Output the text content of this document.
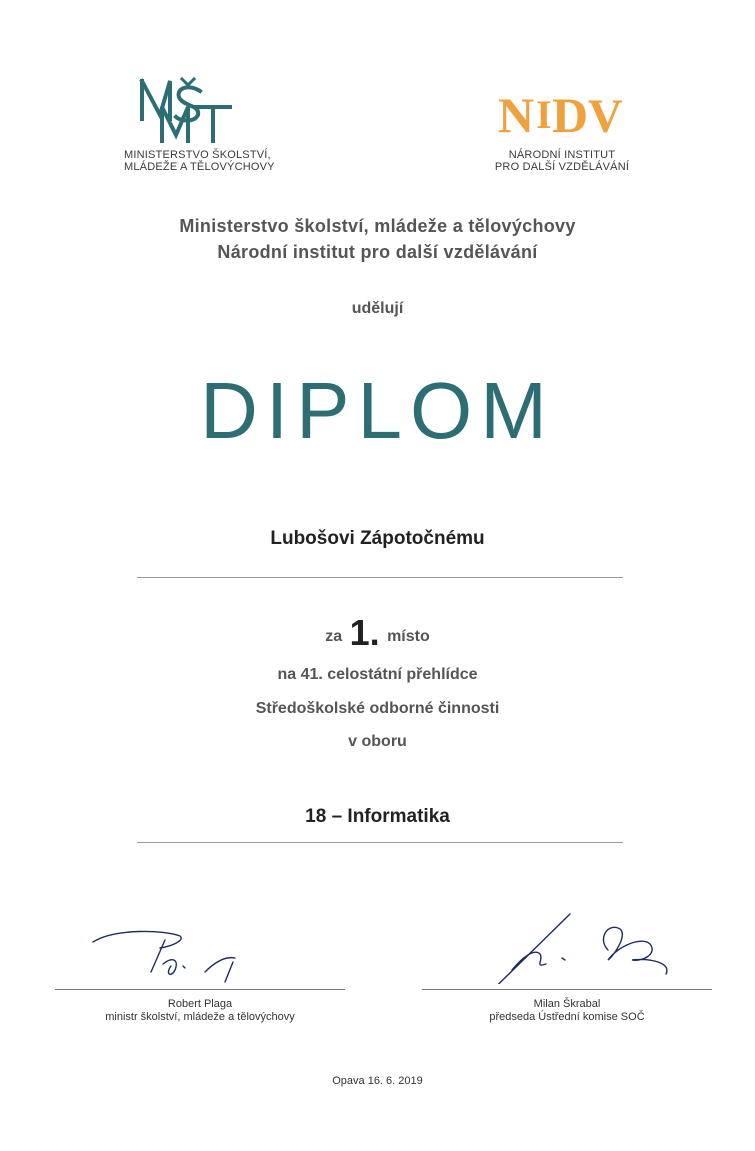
MINISTERSTVO ŠKOLSTVÍ,
MLÁDEŽE A TĚLOVÝCHOVY
N I D V
NÁRODNÍ INSTITUT
PRO DALŠÍ VZDĚLÁVÁNÍ
Ministerstvo školství, mládeže a tělovýchovy
Národní institut pro další vzdělávání
udělují
DIPLOM
Lubošovi Zápotočnému
za 1. místo
na 41. celostátní přehlídce
Středoškolské odborné činnosti
v oboru
18 – Informatika
Robert Plaga
ministr školství, mládeže a tělovýchovy
Milan Škrabal
předseda Ústřední komise SOČ
Opava 16. 6. 2019
